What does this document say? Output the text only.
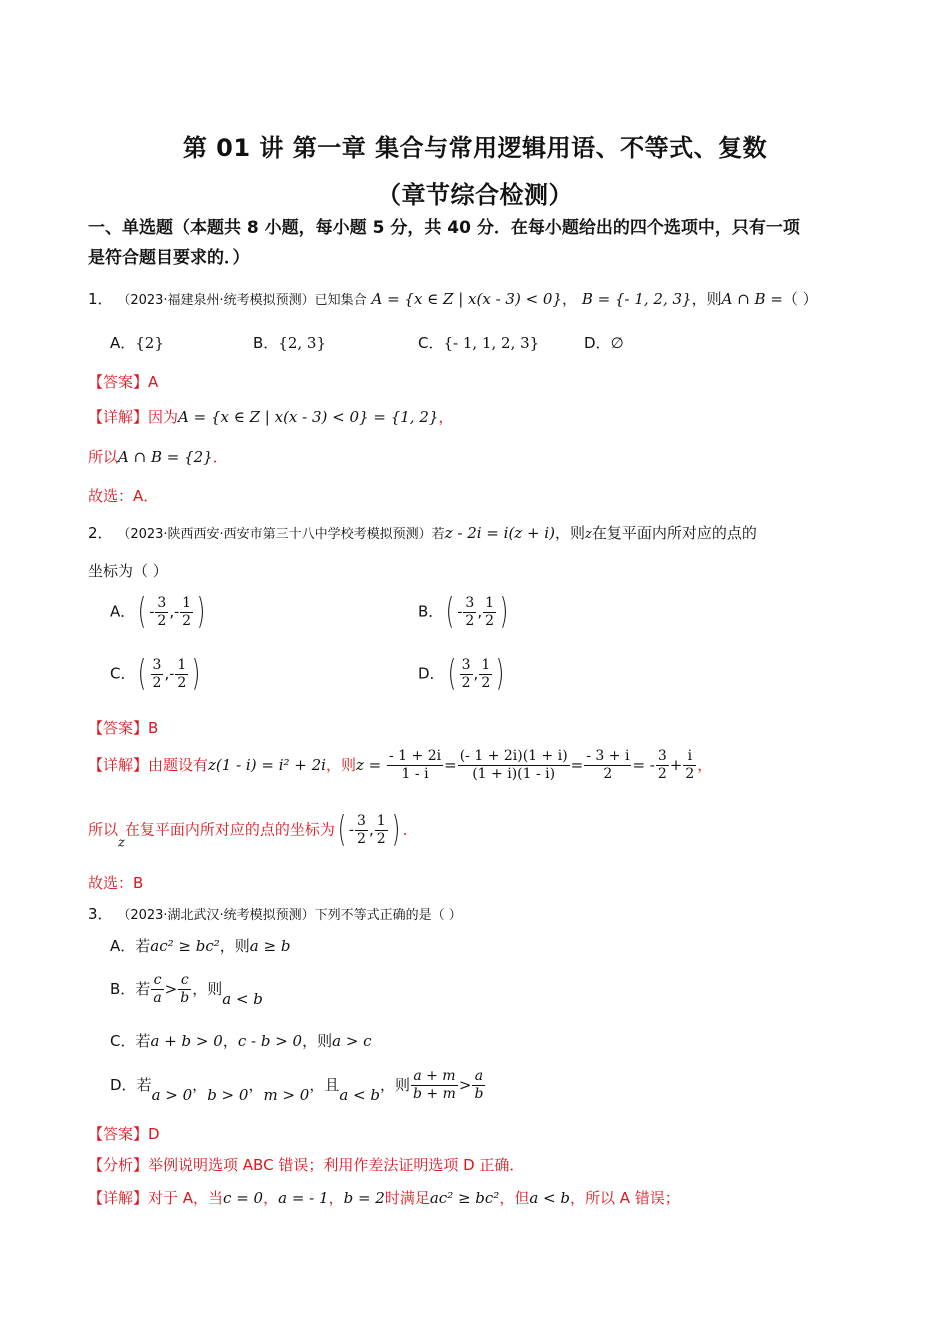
第 01 讲 第一章 集合与常用逻辑用语、不等式、复数
（章节综合检测）
一、单选题（本题共 8 小题，每小题 5 分，共 40 分．在每小题给出的四个选项中，只有一项
是符合题目要求的．）
1． （2023·福建泉州·统考模拟预测）已知集合 A = {x ∈ Z | x(x - 3) < 0}， B = {- 1, 2, 3}，则A ∩ B =（ ）
A．{2}	B．{2, 3}	C．{- 1, 1, 2, 3}	D．∅
【答案】A
【详解】因为A = {x ∈ Z | x(x - 3) < 0} = {1, 2}，
所以A ∩ B = {2}．
故选：A．
2． （2023·陕西西安·西安市第三十八中学校考模拟预测）若z - 2i = i(z + i)，则z在复平面内所对应的点的
坐标为（ ）
A．( - $\frac{3}{2}$ ,- $\frac{1}{2}$ )	B．( - $\frac{3}{2}$ , $\frac{1}{2}$ )
C．( $\frac{3}{2}$ ,- $\frac{1}{2}$ )	D．( $\frac{3}{2}$ , $\frac{1}{2}$ )
【答案】B
【详解】由题设有z(1 - i) = i² + 2i，则$z = \frac{- 1 + 2i}{1 - i} = \frac{(- 1 + 2i)(1 + i)}{(1 + i)(1 - i)} = \frac{- 3 + i}{2}$ = - $\frac{3}{2} + \frac{i}{2}$ ，
所以z在复平面内所对应的点的坐标为( - $\frac{3}{2}$ , $\frac{1}{2}$ ) ．
故选：B
3． （2023·湖北武汉·统考模拟预测）下列不等式正确的是（ ）
A．若ac² ≥ bc²，则a ≥ b
B．若 $\frac{c}{a} > \frac{c}{b}$ ，则a < b
C．若a + b > 0，c - b > 0，则a > c
D．若a > 0，b > 0，m > 0，且a < b，则 $\frac{a + m}{b + m} > \frac{a}{b}$
【答案】D
【分析】举例说明选项 ABC 错误；利用作差法证明选项 D 正确．
【详解】对于 A，当c = 0，a = - 1，b = 2时满足ac² ≥ bc²，但a < b，所以 A 错误；
